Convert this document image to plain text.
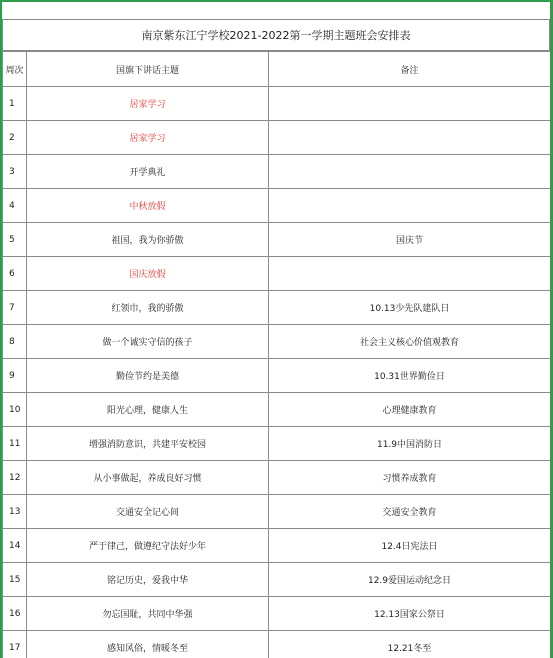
南京紫东江宁学校2021-2022第一学期主题班会安排表
周次	国旗下讲话主题	备注
1	居家学习	
2	居家学习	
3	开学典礼	
4	中秋放假	
5	祖国，我为你骄傲	国庆节
6	国庆放假	
7	红领巾，我的骄傲	10.13少先队建队日
8	做一个诚实守信的孩子	社会主义核心价值观教育
9	勤俭节约是美德	10.31世界勤俭日
10	阳光心理，健康人生	心理健康教育
11	增强消防意识，共建平安校园	11.9中国消防日
12	从小事做起，养成良好习惯	习惯养成教育
13	交通安全记心间	交通安全教育
14	严于律己，做遵纪守法好少年	12.4日宪法日
15	铭记历史，爱我中华	12.9爱国运动纪念日
16	勿忘国耻，共同中华强	12.13国家公祭日
17	感知风俗，情暖冬至	12.21冬至
